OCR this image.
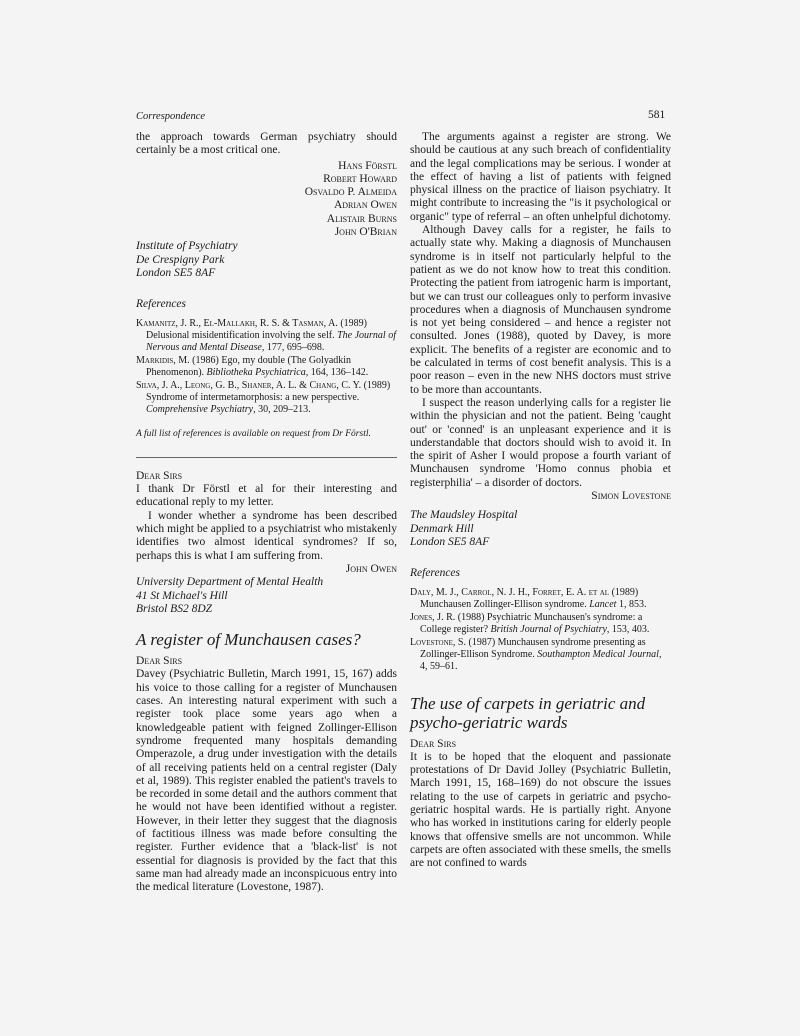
Correspondence	581

the approach towards German psychiatry should certainly be a most critical one.

Hans Förstl

Robert Howard

Osvaldo P. Almeida

Adrian Owen

Alistair Burns

John O'Brian

Institute of Psychiatry

De Crespigny Park

London SE5 8AF

References

Kamanitz, J. R., El-Mallakh, R. S. & Tasman, A. (1989) Delusional misidentification involving the self. The Journal of Nervous and Mental Disease, 177, 695–698.

Markidis, M. (1986) Ego, my double (The Golyadkin Phenomenon). Bibliotheka Psychiatrica, 164, 136–142.

Silva, J. A., Leong, G. B., Shaner, A. L. & Chang, C. Y. (1989) Syndrome of intermetamorphosis: a new perspective. Comprehensive Psychiatry, 30, 209–213.

A full list of references is available on request from Dr Förstl.

Dear Sirs

I thank Dr Förstl et al for their interesting and educational reply to my letter.

I wonder whether a syndrome has been described which might be applied to a psychiatrist who mistakenly identifies two almost identical syndromes? If so, perhaps this is what I am suffering from.

John Owen

University Department of Mental Health

41 St Michael's Hill

Bristol BS2 8DZ

A register of Munchausen cases?

Dear Sirs

Davey (Psychiatric Bulletin, March 1991, 15, 167) adds his voice to those calling for a register of Munchausen cases. An interesting natural experiment with such a register took place some years ago when a knowledgeable patient with feigned Zollinger-Ellison syndrome frequented many hospitals demanding Omperazole, a drug under investigation with the details of all receiving patients held on a central register (Daly et al, 1989). This register enabled the patient's travels to be recorded in some detail and the authors comment that he would not have been identified without a register. However, in their letter they suggest that the diagnosis of factitious illness was made before consulting the register. Further evidence that a 'black-list' is not essential for diagnosis is provided by the fact that this same man had already made an inconspicuous entry into the medical literature (Lovestone, 1987).

The arguments against a register are strong. We should be cautious at any such breach of confidentiality and the legal complications may be serious. I wonder at the effect of having a list of patients with feigned physical illness on the practice of liaison psychiatry. It might contribute to increasing the "is it psychological or organic" type of referral – an often unhelpful dichotomy.

Although Davey calls for a register, he fails to actually state why. Making a diagnosis of Munchausen syndrome is in itself not particularly helpful to the patient as we do not know how to treat this condition. Protecting the patient from iatrogenic harm is important, but we can trust our colleagues only to perform invasive procedures when a diagnosis of Munchausen syndrome is not yet being considered – and hence a register not consulted. Jones (1988), quoted by Davey, is more explicit. The benefits of a register are economic and to be calculated in terms of cost benefit analysis. This is a poor reason – even in the new NHS doctors must strive to be more than accountants.

I suspect the reason underlying calls for a register lie within the physician and not the patient. Being 'caught out' or 'conned' is an unpleasant experience and it is understandable that doctors should wish to avoid it. In the spirit of Asher I would propose a fourth variant of Munchausen syndrome 'Homo connus phobia et registerphilia' – a disorder of doctors.

Simon Lovestone

The Maudsley Hospital

Denmark Hill

London SE5 8AF

References

Daly, M. J., Carrol, N. J. H., Forret, E. A. et al (1989) Munchausen Zollinger-Ellison syndrome. Lancet 1, 853.

Jones, J. R. (1988) Psychiatric Munchausen's syndrome: a College register? British Journal of Psychiatry, 153, 403.

Lovestone, S. (1987) Munchausen syndrome presenting as Zollinger-Ellison Syndrome. Southampton Medical Journal, 4, 59–61.

The use of carpets in geriatric and psycho-geriatric wards

Dear Sirs

It is to be hoped that the eloquent and passionate protestations of Dr David Jolley (Psychiatric Bulletin, March 1991, 15, 168–169) do not obscure the issues relating to the use of carpets in geriatric and psycho-geriatric hospital wards. He is partially right. Anyone who has worked in institutions caring for elderly people knows that offensive smells are not uncommon. While carpets are often associated with these smells, the smells are not confined to wards
